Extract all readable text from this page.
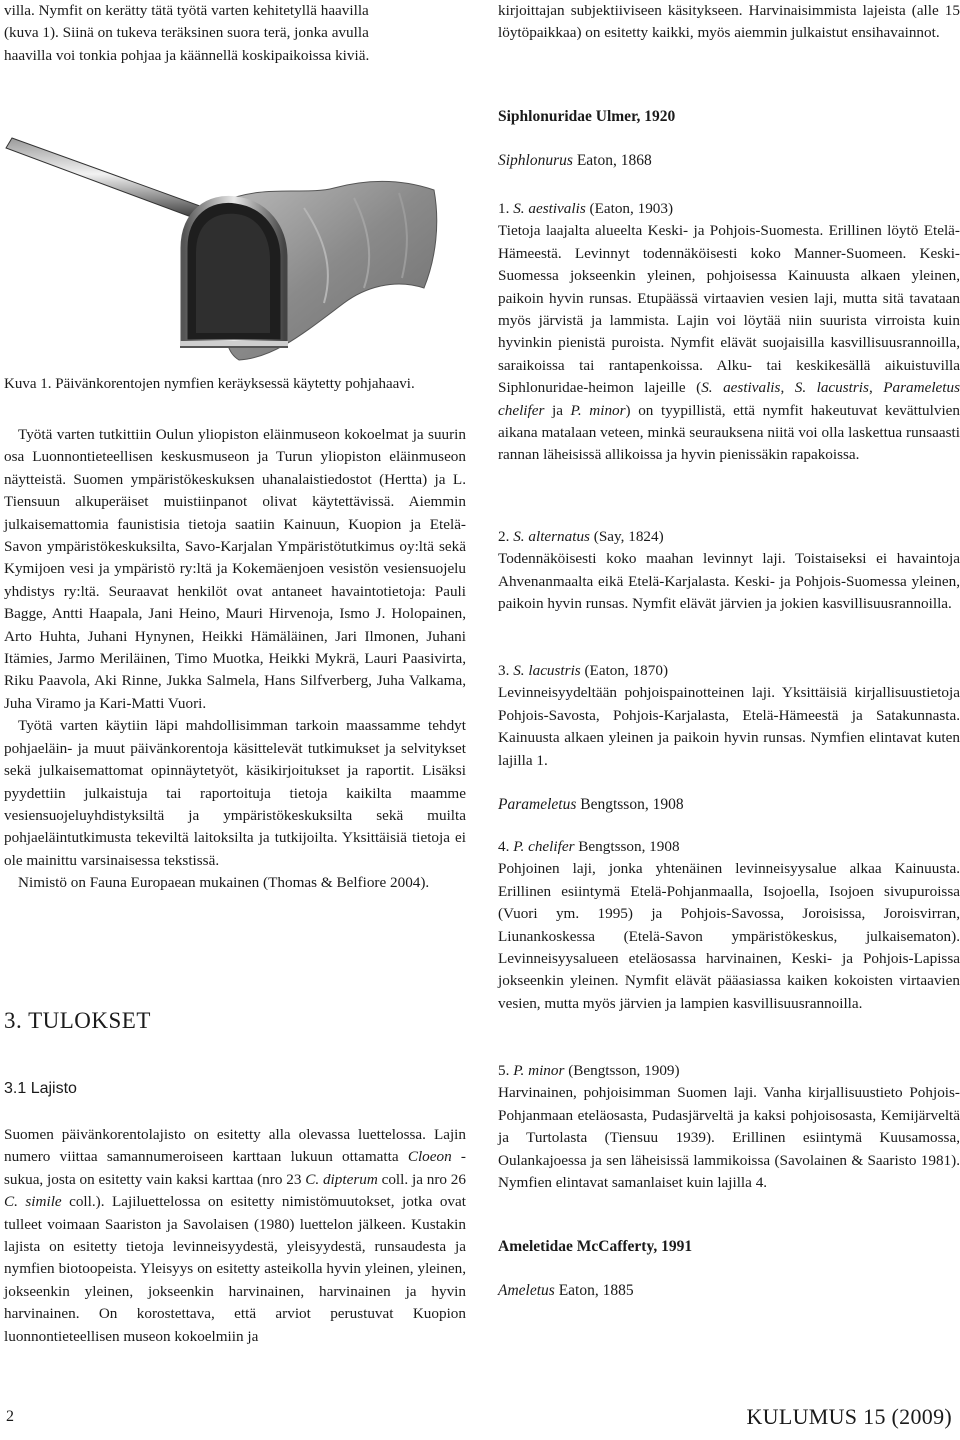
villa. Nymfit on kerätty tätä työtä varten kehitetyllä haavilla
(kuva 1). Siinä on tukeva teräksinen suora terä, jonka avulla
haavilla voi tonkia pohjaa ja käännellä koskipaikoissa kiviä.
Kuva 1. Päivänkorentojen nymfien keräyksessä käytetty pohjahaavi.

Työtä varten tutkittiin Oulun yliopiston eläinmuseon kokoelmat ja suurin osa Luonnontieteellisen keskusmuseon ja Turun yliopiston eläinmuseon näytteistä. Suomen ympäristökeskuksen uhanalaistiedostot (Hertta) ja L. Tiensuun alkuperäiset muistiinpanot olivat käytettävissä. Aiemmin julkaisemattomia faunistisia tietoja saatiin Kainuun, Kuopion ja Etelä-Savon ympäristökeskuksilta, Savo-Karjalan Ympäristötutkimus oy:ltä sekä Kymijoen vesi ja ympäristö ry:ltä ja Kokemäenjoen vesistön vesiensuojelu yhdistys ry:ltä. Seuraavat henkilöt ovat antaneet havaintotietoja: Pauli Bagge, Antti Haapala, Jani Heino, Mauri Hirvenoja, Ismo J. Holopainen, Arto Huhta, Juhani Hynynen, Heikki Hämäläinen, Jari Ilmonen, Juhani Itämies, Jarmo Meriläinen, Timo Muotka, Heikki Mykrä, Lauri Paasivirta, Riku Paavola, Aki Rinne, Jukka Salmela, Hans Silfverberg, Juha Valkama, Juha Viramo ja Kari-Matti Vuori.

Työtä varten käytiin läpi mahdollisimman tarkoin maassamme tehdyt pohjaeläin- ja muut päivänkorentoja käsittelevät tutkimukset ja selvitykset sekä julkaisemattomat opinnäytetyöt, käsikirjoitukset ja raportit. Lisäksi pyydettiin julkaistuja tai raportoituja tietoja kaikilta maamme vesiensuojeluyhdistyksiltä ja ympäristökeskuksilta sekä muilta pohjaeläintutkimusta tekeviltä laitoksilta ja tutkijoilta. Yksittäisiä tietoja ei ole mainittu varsinaisessa tekstissä.

Nimistö on Fauna Europaean mukainen (Thomas & Belfiore 2004).

3. TULOKSET
3.1 Lajisto

Suomen päivänkorentolajisto on esitetty alla olevassa luettelossa. Lajin numero viittaa samannumeroiseen karttaan lukuun ottamatta Cloeon -sukua, josta on esitetty vain kaksi karttaa (nro 23 C. dipterum coll. ja nro 26 C. simile coll.). Lajiluettelossa on esitetty nimistömuutokset, jotka ovat tulleet voimaan Saariston ja Savolaisen (1980) luettelon jälkeen. Kustakin lajista on esitetty tietoja levinneisyydestä, yleisyydestä, runsaudesta ja nymfien biotoopeista. Yleisyys on esitetty asteikolla hyvin yleinen, yleinen, jokseenkin yleinen, jokseenkin harvinainen, harvinainen ja hyvin harvinainen. On korostettava, että arviot perustuvat Kuopion luonnontieteellisen museon kokoelmiin ja

kirjoittajan subjektiiviseen käsitykseen. Harvinaisimmista lajeista (alle 15 löytöpaikkaa) on esitetty kaikki, myös aiemmin julkaistut ensihavainnot.

Siphlonuridae Ulmer, 1920
Siphlonurus Eaton, 1868
1. S. aestivalis (Eaton, 1903)

Tietoja laajalta alueelta Keski- ja Pohjois-Suomesta. Erillinen löytö Etelä-Hämeestä. Levinnyt todennäköisesti koko Manner-Suomeen. Keski-Suomessa jokseenkin yleinen, pohjoisessa Kainuusta alkaen yleinen, paikoin hyvin runsas. Etupäässä virtaavien vesien laji, mutta sitä tavataan myös järvistä ja lammista. Lajin voi löytää niin suurista virroista kuin hyvinkin pienistä puroista. Nymfit elävät suojaisilla kasvillisuusrannoilla, saraikoissa tai rantapenkoissa. Alku- tai keskikesällä aikuistuvilla Siphlonuridae-heimon lajeille (S. aestivalis, S. lacustris, Parameletus chelifer ja P. minor) on tyypillistä, että nymfit hakeutuvat kevättulvien aikana matalaan veteen, minkä seurauksena niitä voi olla laskettua runsaasti rannan läheisissä allikoissa ja hyvin pienissäkin rapakoissa.

2. S. alternatus (Say, 1824)

Todennäköisesti koko maahan levinnyt laji. Toistaiseksi ei havaintoja Ahvenanmaalta eikä Etelä-Karjalasta. Keski- ja Pohjois-Suomessa yleinen, paikoin hyvin runsas. Nymfit elävät järvien ja jokien kasvillisuusrannoilla.

3. S. lacustris (Eaton, 1870)

Levinneisyydeltään pohjoispainotteinen laji. Yksittäisiä kirjallisuustietoja Pohjois-Savosta, Pohjois-Karjalasta, Etelä-Hämeestä ja Satakunnasta. Kainuusta alkaen yleinen ja paikoin hyvin runsas. Nymfien elintavat kuten lajilla 1.

Parameletus Bengtsson, 1908
4. P. chelifer Bengtsson, 1908

Pohjoinen laji, jonka yhtenäinen levinneisyysalue alkaa Kainuusta. Erillinen esiintymä Etelä-Pohjanmaalla, Isojoella, Isojoen sivupuroissa (Vuori ym. 1995) ja Pohjois-Savossa, Joroisissa, Joroisvirran, Liunankoskessa (Etelä-Savon ympäristökeskus, julkaisematon). Levinneisyysalueen eteläosassa harvinainen, Keski- ja Pohjois-Lapissa jokseenkin yleinen. Nymfit elävät pääasiassa kaiken kokoisten virtaavien vesien, mutta myös järvien ja lampien kasvillisuusrannoilla.

5. P. minor (Bengtsson, 1909)

Harvinainen, pohjoisimman Suomen laji. Vanha kirjallisuustieto Pohjois-Pohjanmaan eteläosasta, Pudasjärveltä ja kaksi pohjoisosasta, Kemijärveltä ja Turtolasta (Tiensuu 1939). Erillinen esiintymä Kuusamossa, Oulankajoessa ja sen läheisissä lammikoissa (Savolainen & Saaristo 1981). Nymfien elintavat samanlaiset kuin lajilla 4.

Ameletidae McCafferty, 1991
Ameletus Eaton, 1885
2	KULUMUS 15 (2009)
